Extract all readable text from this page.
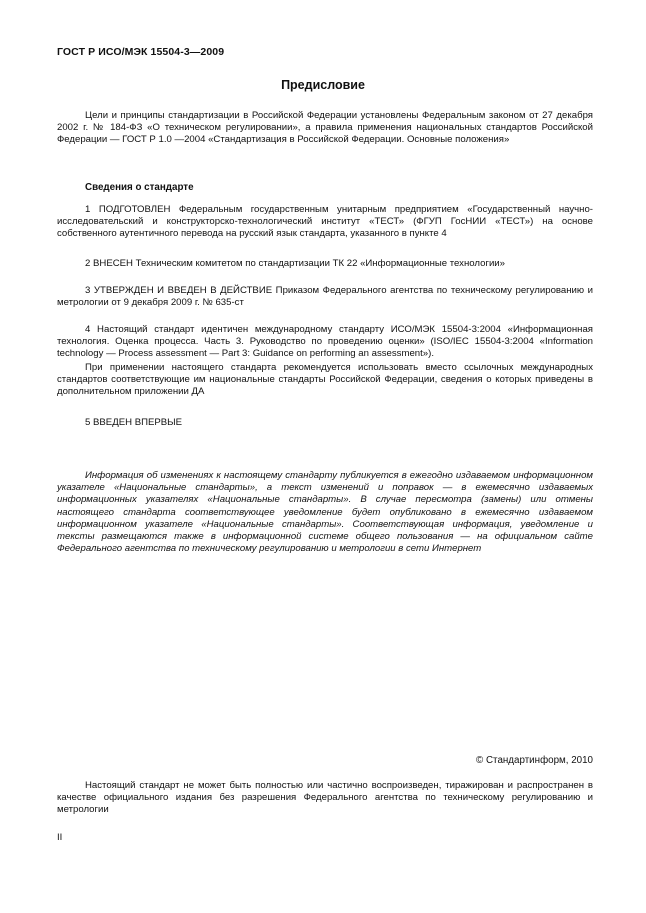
ГОСТ Р ИСО/МЭК 15504-3—2009
Предисловие
Цели и принципы стандартизации в Российской Федерации установлены Федеральным законом от 27 декабря 2002 г. № 184-ФЗ «О техническом регулировании», а правила применения национальных стандартов Российской Федерации — ГОСТ Р 1.0 —2004 «Стандартизация в Российской Федерации. Основные положения»
Сведения о стандарте
1 ПОДГОТОВЛЕН Федеральным государственным унитарным предприятием «Государственный научно-исследовательский и конструкторско-технологический институт «ТЕСТ» (ФГУП ГосНИИ «ТЕСТ») на основе собственного аутентичного перевода на русский язык стандарта, указанного в пункте 4
2 ВНЕСЕН Техническим комитетом по стандартизации ТК 22 «Информационные технологии»
3 УТВЕРЖДЕН И ВВЕДЕН В ДЕЙСТВИЕ Приказом Федерального агентства по техническому регулированию и метрологии от 9 декабря 2009 г. № 635-ст
4 Настоящий стандарт идентичен международному стандарту ИСО/МЭК 15504-3:2004 «Информационная технология. Оценка процесса. Часть 3. Руководство по проведению оценки» (ISO/IEC 15504-3:2004 «Information technology — Process assessment — Part 3: Guidance on performing an assessment»).
При применении настоящего стандарта рекомендуется использовать вместо ссылочных международных стандартов соответствующие им национальные стандарты Российской Федерации, сведения о которых приведены в дополнительном приложении ДА
5 ВВЕДЕН ВПЕРВЫЕ
Информация об изменениях к настоящему стандарту публикуется в ежегодно издаваемом информационном указателе «Национальные стандарты», а текст изменений и поправок — в ежемесячно издаваемых информационных указателях «Национальные стандарты». В случае пересмотра (замены) или отмены настоящего стандарта соответствующее уведомление будет опубликовано в ежемесячно издаваемом информационном указателе «Национальные стандарты». Соответствующая информация, уведомление и тексты размещаются также в информационной системе общего пользования — на официальном сайте Федерального агентства по техническому регулированию и метрологии в сети Интернет
© Стандартинформ, 2010
Настоящий стандарт не может быть полностью или частично воспроизведен, тиражирован и распространен в качестве официального издания без разрешения Федерального агентства по техническому регулированию и метрологии
II
